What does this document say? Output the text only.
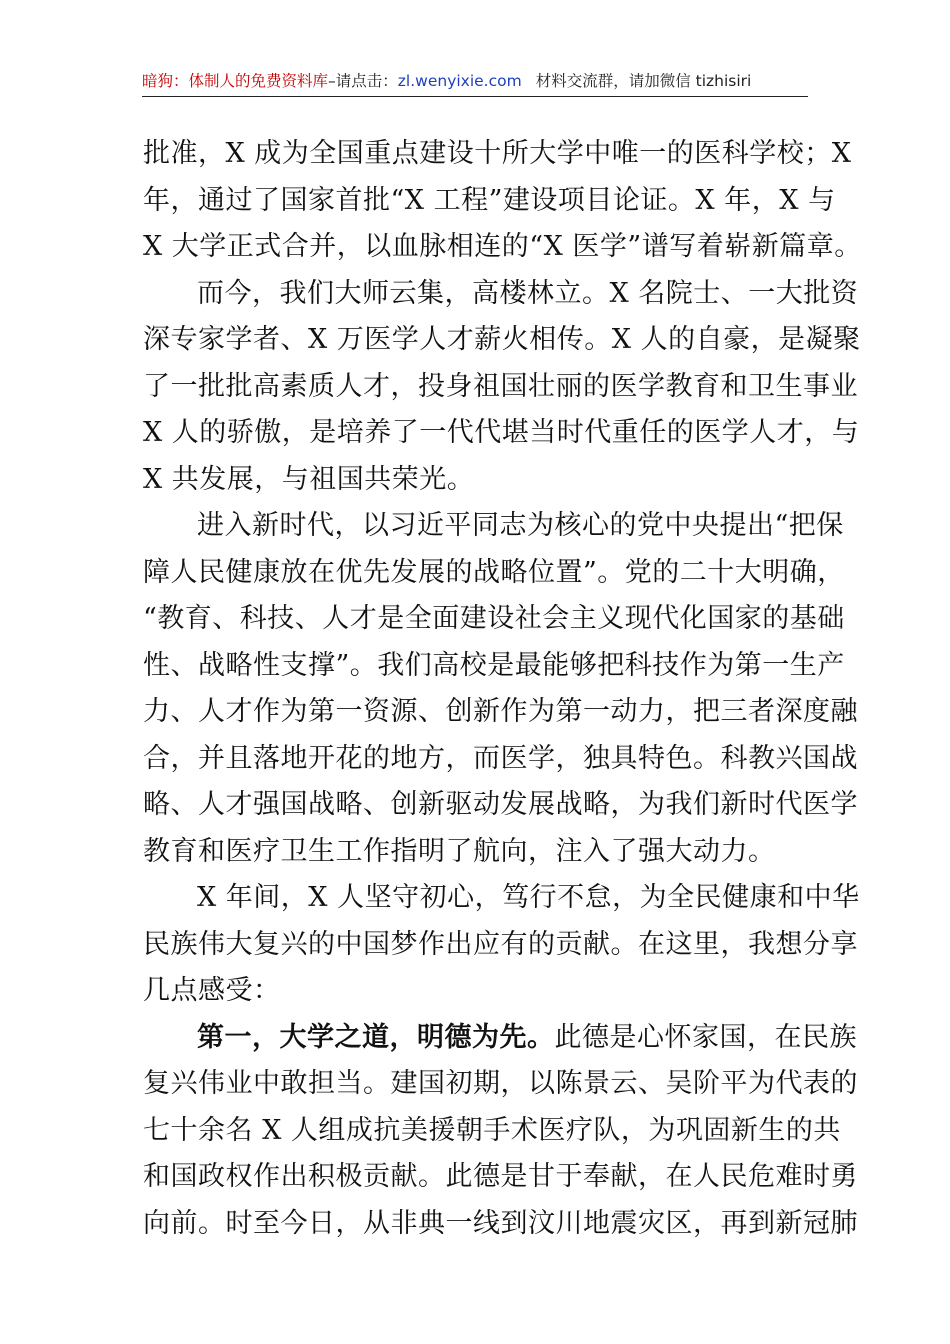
暗狗：体制人的免费资料库–请点击：zl.wenyixie.com 材料交流群，请加微信 tizhisiri
批准，X 成为全国重点建设十所大学中唯一的医科学校；X
年，通过了国家首批“X 工程”建设项目论证。X 年，X 与
X 大学正式合并，以血脉相连的“X 医学”谱写着崭新篇章。
而今，我们大师云集，高楼林立。X 名院士、一大批资
深专家学者、X 万医学人才薪火相传。X 人的自豪，是凝聚
了一批批高素质人才，投身祖国壮丽的医学教育和卫生事业
X 人的骄傲，是培养了一代代堪当时代重任的医学人才，与
X 共发展，与祖国共荣光。
进入新时代，以习近平同志为核心的党中央提出“把保
障人民健康放在优先发展的战略位置”。党的二十大明确，
“教育、科技、人才是全面建设社会主义现代化国家的基础
性、战略性支撑”。我们高校是最能够把科技作为第一生产
力、人才作为第一资源、创新作为第一动力，把三者深度融
合，并且落地开花的地方，而医学，独具特色。科教兴国战
略、人才强国战略、创新驱动发展战略，为我们新时代医学
教育和医疗卫生工作指明了航向，注入了强大动力。
X 年间，X 人坚守初心，笃行不怠，为全民健康和中华
民族伟大复兴的中国梦作出应有的贡献。在这里，我想分享
几点感受：
第一，大学之道，明德为先。此德是心怀家国，在民族
复兴伟业中敢担当。建国初期，以陈景云、吴阶平为代表的
七十余名 X 人组成抗美援朝手术医疗队，为巩固新生的共
和国政权作出积极贡献。此德是甘于奉献，在人民危难时勇
向前。时至今日，从非典一线到汶川地震灾区，再到新冠肺
